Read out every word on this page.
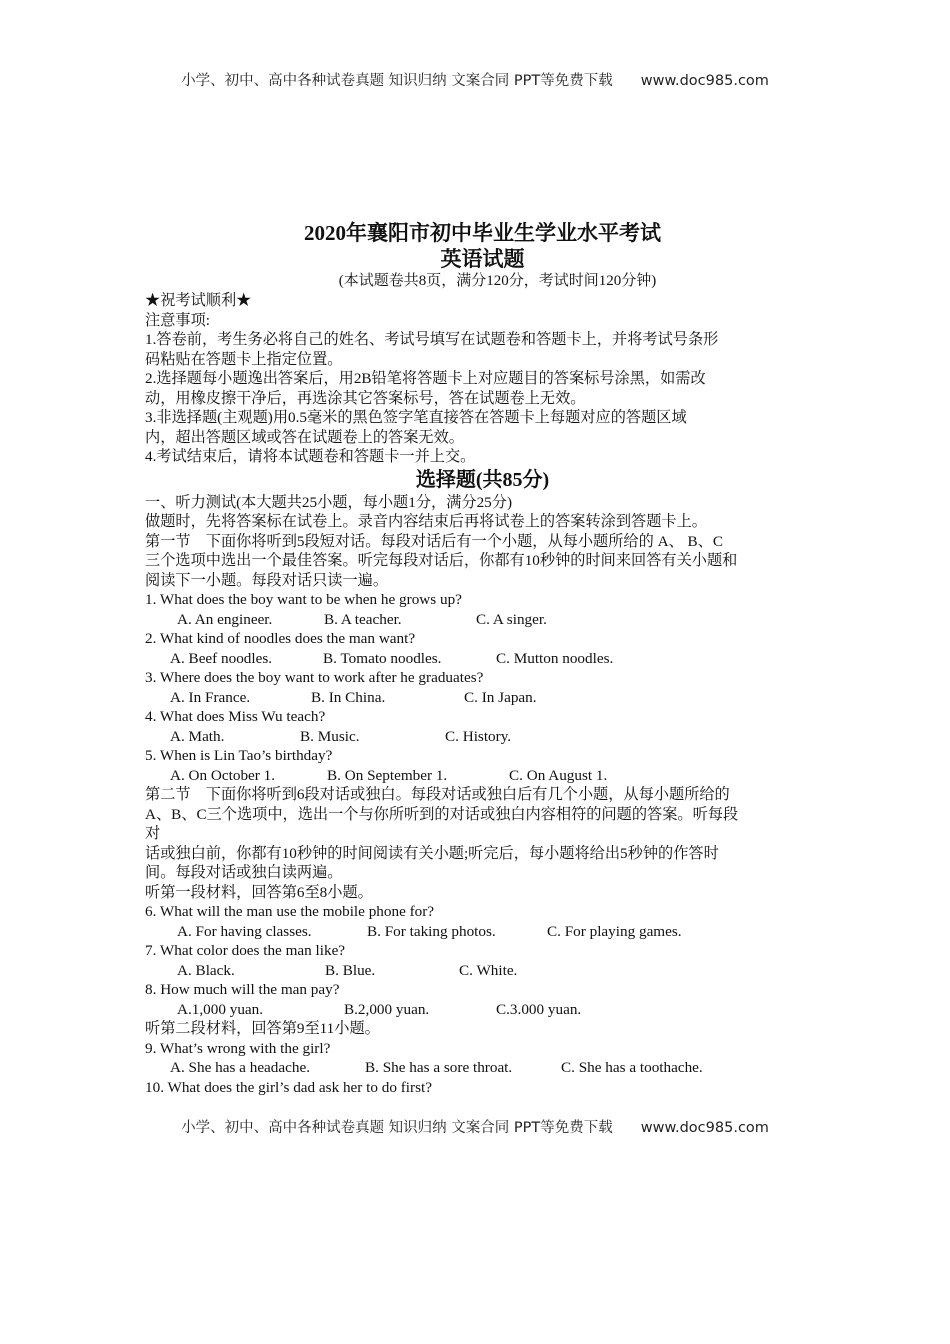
小学、初中、高中各种试卷真题 知识归纳 文案合同 PPT等免费下载 www.doc985.com
2020年襄阳市初中毕业生学业水平考试
英语试题
(本试题卷共8页，满分120分，考试时间120分钟)
★祝考试顺利★
注意事项:
1.答卷前，考生务必将自己的姓名、考试号填写在试题卷和答题卡上，并将考试号条形
码粘贴在答题卡上指定位置。
2.选择题每小题逸出答案后，用2B铅笔将答题卡上对应题目的答案标号涂黑，如需改
动，用橡皮擦干净后，再选涂其它答案标号，答在试题卷上无效。
3.非选择题(主观题)用0.5毫米的黑色签字笔直接答在答题卡上每题对应的答题区域
内，超出答题区域或答在试题卷上的答案无效。
4.考试结束后，请将本试题卷和答题卡一并上交。
选择题(共85分)
一、听力测试(本大题共25小题，每小题1分，满分25分)
做题时，先将答案标在试卷上。录音内容结束后再将试卷上的答案转涂到答题卡上。
第一节    下面你将听到5段短对话。每段对话后有一个小题，从每小题所给的 A、 B、C
三个选项中选出一个最佳答案。听完每段对话后，你都有10秒钟的时间来回答有关小题和
阅读下一小题。每段对话只读一遍。
1. What does the boy want to be when he grows up?
A. An engineer.	B. A teacher.	C. A singer.
2. What kind of noodles does the man want?
A. Beef noodles.	B. Tomato noodles.	C. Mutton noodles.
3. Where does the boy want to work after he graduates?
A. In France.	B. In China.	C. In Japan.
4. What does Miss Wu teach?
A. Math.	B. Music.	C. History.
5. When is Lin Tao’s birthday?
A. On October 1.	B. On September 1.	C. On August 1.
第二节    下面你将听到6段对话或独白。每段对话或独白后有几个小题，从每小题所给的
A、B、C三个选项中，选出一个与你所听到的对话或独白内容相符的问题的答案。听每段
对
话或独白前，你都有10秒钟的时间阅读有关小题;听完后，每小题将给出5秒钟的作答时
间。每段对话或独白读两遍。
听第一段材料，回答第6至8小题。
6. What will the man use the mobile phone for?
A. For having classes.	B. For taking photos.	C. For playing games.
7. What color does the man like?
A. Black.	B. Blue.	C. White.
8. How much will the man pay?
A.1,000 yuan.	B.2,000 yuan.	C.3.000 yuan.
听第二段材料，回答第9至11小题。
9. What’s wrong with the girl?
A. She has a headache.	B. She has a sore throat.	C. She has a toothache.
10. What does the girl’s dad ask her to do first?
小学、初中、高中各种试卷真题 知识归纳 文案合同 PPT等免费下载 www.doc985.com
